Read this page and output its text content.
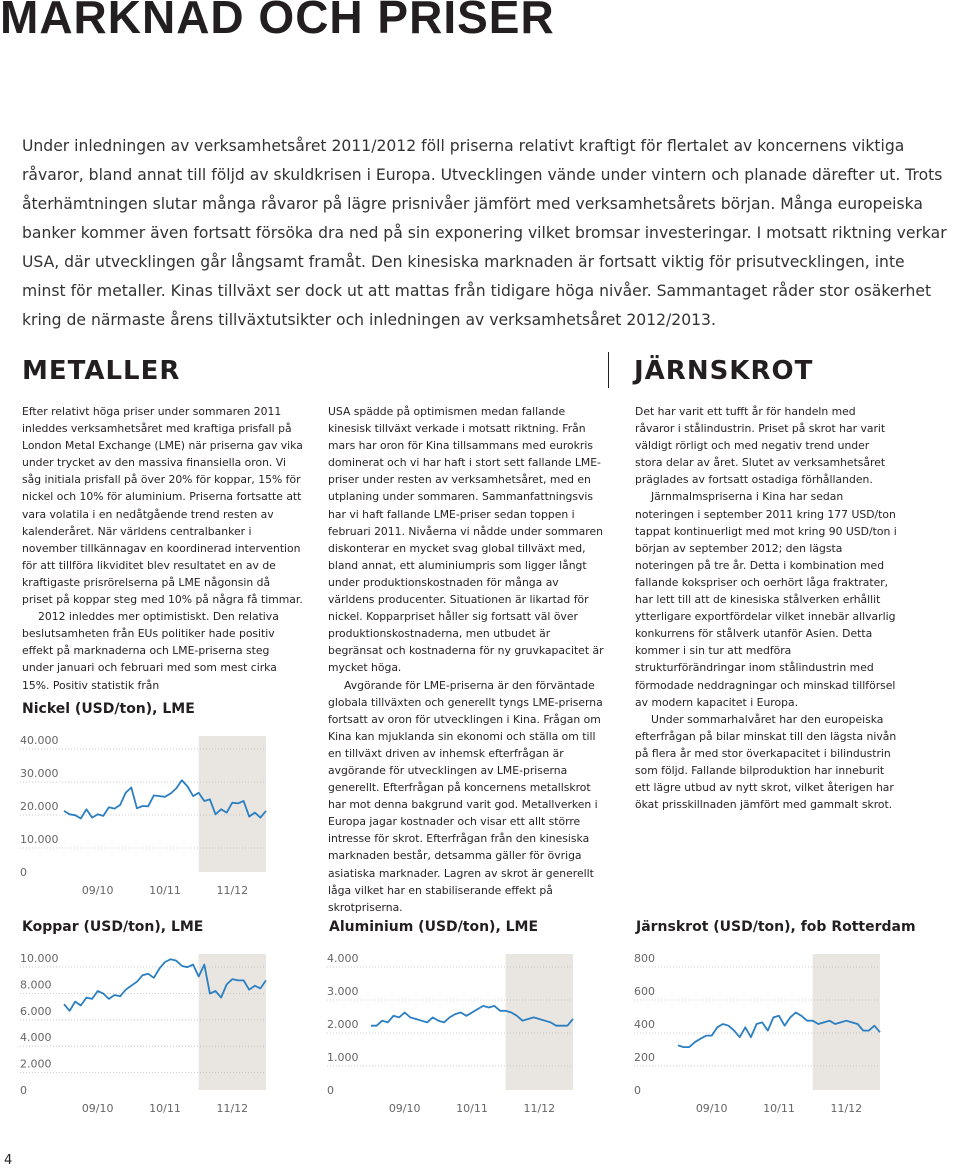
MARKNAD OCH PRISER

Under inledningen av verksamhetsåret 2011/2012 föll priserna relativt kraftigt för flertalet av koncernens viktiga råvaror, bland annat till följd av skuldkrisen i Europa. Utvecklingen vände under vintern och planade därefter ut. Trots återhämtningen slutar många råvaror på lägre prisnivåer jämfört med verksamhetsårets början. Många europeiska banker kommer även fortsatt försöka dra ned på sin exponering vilket bromsar investeringar. I motsatt riktning verkar USA, där utvecklingen går långsamt framåt. Den kinesiska marknaden är fortsatt viktig för prisutvecklingen, inte minst för metaller. Kinas tillväxt ser dock ut att mattas från tidigare höga nivåer. Sammantaget råder stor osäkerhet kring de närmaste årens tillväxtutsikter och inledningen av verksamhetsåret 2012/2013.

METALLER	JÄRNSKROT

Efter relativt höga priser under sommaren 2011 inleddes verksamhetsåret med kraftiga prisfall på London Metal Exchange (LME) när priserna gav vika under trycket av den massiva finansiella oron. Vi såg initiala prisfall på över 20% för koppar, 15% för nickel och 10% för aluminium. Priserna fortsatte att vara volatila i en nedåtgående trend resten av kalenderåret. När världens centralbanker i november tillkännagav en koordinerad intervention för att tillföra likviditet blev resultatet en av de kraftigaste prisrörelserna på LME någonsin då priset på koppar steg med 10% på några få timmar.

2012 inleddes mer optimistiskt. Den relativa beslutsamheten från EUs politiker hade positiv effekt på marknaderna och LME-priserna steg under januari och februari med som mest cirka 15%. Positiv statistik från

USA spädde på optimismen medan fallande kinesisk tillväxt verkade i motsatt riktning. Från mars har oron för Kina tillsammans med eurokris dominerat och vi har haft i stort sett fallande LME-priser under resten av verksamhetsåret, med en utplaning under sommaren. Sammanfattningsvis har vi haft fallande LME-priser sedan toppen i februari 2011. Nivåerna vi nådde under sommaren diskonterar en mycket svag global tillväxt med, bland annat, ett aluminiumpris som ligger långt under produktionskostnaden för många av världens producenter. Situationen är likartad för nickel. Kopparpriset håller sig fortsatt väl över produktionskostnaderna, men utbudet är begränsat och kostnaderna för ny gruvkapacitet är mycket höga.

Avgörande för LME-priserna är den förväntade globala tillväxten och generellt tyngs LME-priserna fortsatt av oron för utvecklingen i Kina. Frågan om Kina kan mjuklanda sin ekonomi och ställa om till en tillväxt driven av inhemsk efterfrågan är avgörande för utvecklingen av LME-priserna generellt. Efterfrågan på koncernens metallskrot har mot denna bakgrund varit god. Metallverken i Europa jagar kostnader och visar ett allt större intresse för skrot. Efterfrågan från den kinesiska marknaden består, detsamma gäller för övriga asiatiska marknader. Lagren av skrot är generellt låga vilket har en stabiliserande effekt på skrotpriserna.

Det har varit ett tufft år för handeln med råvaror i stålindustrin. Priset på skrot har varit väldigt rörligt och med negativ trend under stora delar av året. Slutet av verksamhetsåret präglades av fortsatt ostadiga förhållanden.

Järnmalmspriserna i Kina har sedan noteringen i september 2011 kring 177 USD/ton tappat kontinuerligt med mot kring 90 USD/ton i början av september 2012; den lägsta noteringen på tre år. Detta i kombination med fallande kokspriser och oerhört låga fraktrater, har lett till att de kinesiska stålverken erhållit ytterligare exportfördelar vilket innebär allvarlig konkurrens för stålverk utanför Asien. Detta kommer i sin tur att medföra strukturförändringar inom stålindustrin med förmodade neddragningar och minskad tillförsel av modern kapacitet i Europa.

Under sommarhalvåret har den europeiska efterfrågan på bilar minskat till den lägsta nivån på flera år med stor överkapacitet i bilindustrin som följd. Fallande bilproduktion har inneburit ett lägre utbud av nytt skrot, vilket återigen har ökat prisskillnaden jämfört med gammalt skrot.

Nickel (USD/ton), LME
40.000
30.000
20.000
10.000
0
09/10	10/11	11/12
Koppar (USD/ton), LME
10.000
8.000
6.000
4.000
2.000
0
09/10	10/11	11/12
Aluminium (USD/ton), LME
4.000
3.000
2.000
1.000
0
09/10	10/11	11/12
Järnskrot (USD/ton), fob Rotterdam
800
600
400
200
0
09/10	10/11	11/12
4
